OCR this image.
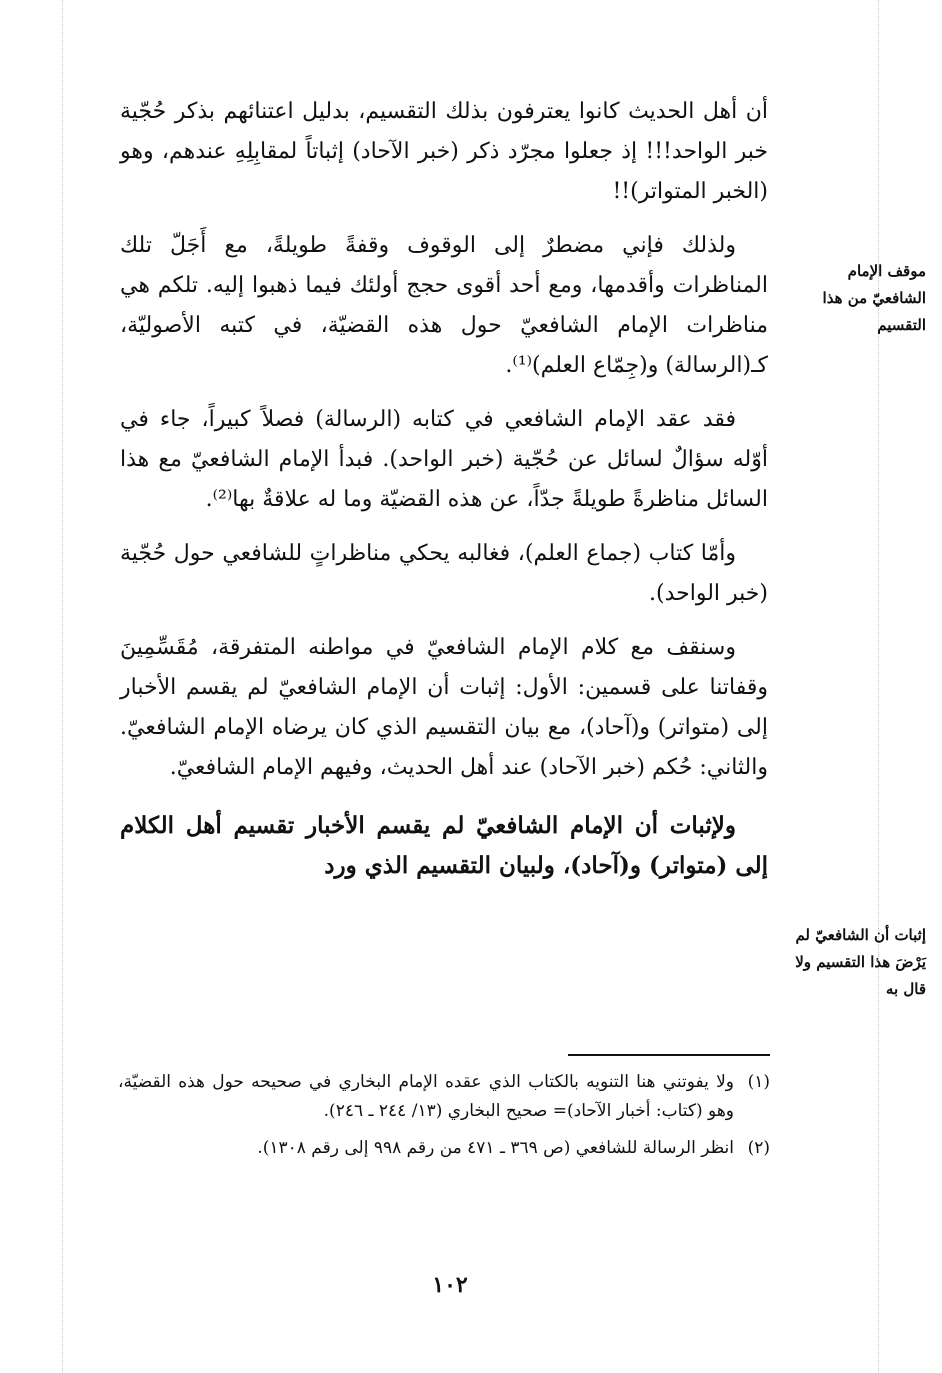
أن أهل الحديث كانوا يعترفون بذلك التقسيم، بدليل اعتنائهم بذكر حُجّية خبر الواحد!!! إذ جعلوا مجرّد ذكر (خبر الآحاد) إثباتاً لمقابِلِهِ عندهم، وهو (الخبر المتواتر)!!

ولذلك فإني مضطرٌ إلى الوقوف وقفةً طويلةً، مع أَجَلّ تلك المناظرات وأقدمها، ومع أحد أقوى حجج أولئك فيما ذهبوا إليه. تلكم هي مناظرات الإمام الشافعيّ حول هذه القضيّة، في كتبه الأصوليّة، كـ(الرسالة) و(جِمّاع العلم)⁽¹⁾.

فقد عقد الإمام الشافعي في كتابه (الرسالة) فصلاً كبيراً، جاء في أوّله سؤالٌ لسائل عن حُجّية (خبر الواحد). فبدأ الإمام الشافعيّ مع هذا السائل مناظرةً طويلةً جدّاً، عن هذه القضيّة وما له علاقةٌ بها⁽²⁾.

وأمّا كتاب (جماع العلم)، فغالبه يحكي مناظراتٍ للشافعي حول حُجّية (خبر الواحد).

وسنقف مع كلام الإمام الشافعيّ في مواطنه المتفرقة، مُقَسِّمِينَ وقفاتنا على قسمين: الأول: إثبات أن الإمام الشافعيّ لم يقسم الأخبار إلى (متواتر) و(آحاد)، مع بيان التقسيم الذي كان يرضاه الإمام الشافعيّ. والثاني: حُكم (خبر الآحاد) عند أهل الحديث، وفيهم الإمام الشافعيّ.

ولإثبات أن الإمام الشافعيّ لم يقسم الأخبار تقسيم أهل الكلام إلى (متواتر) و(آحاد)، ولبيان التقسيم الذي ورد

موقف الإمام الشافعيّ من هذا التقسيم
إثبات أن الشافعيّ لم يَرْضَ هذا التقسيم ولا قال به
(١)
ولا يفوتني هنا التنويه بالكتاب الذي عقده الإمام البخاري في صحيحه حول هذه القضيّة، وهو (كتاب: أخبار الآحاد)= صحيح البخاري (١٣/ ٢٤٤ ـ ٢٤٦).
(٢)
انظر الرسالة للشافعي (ص ٣٦٩ ـ ٤٧١ من رقم ٩٩٨ إلى رقم ١٣٠٨).
١٠٢
